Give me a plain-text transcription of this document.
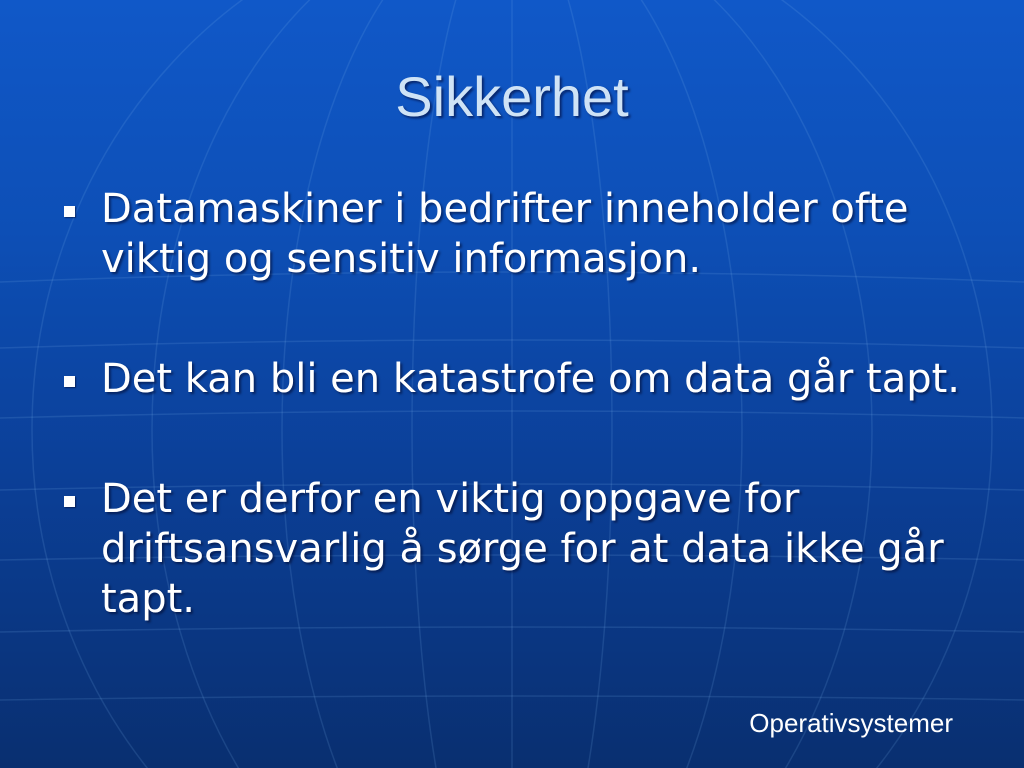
Sikkerhet
Datamaskiner i bedrifter inneholder ofte viktig og sensitiv informasjon.
Det kan bli en katastrofe om data går tapt.
Det er derfor en viktig oppgave for driftsansvarlig å sørge for at data ikke går tapt.
Operativsystemer
